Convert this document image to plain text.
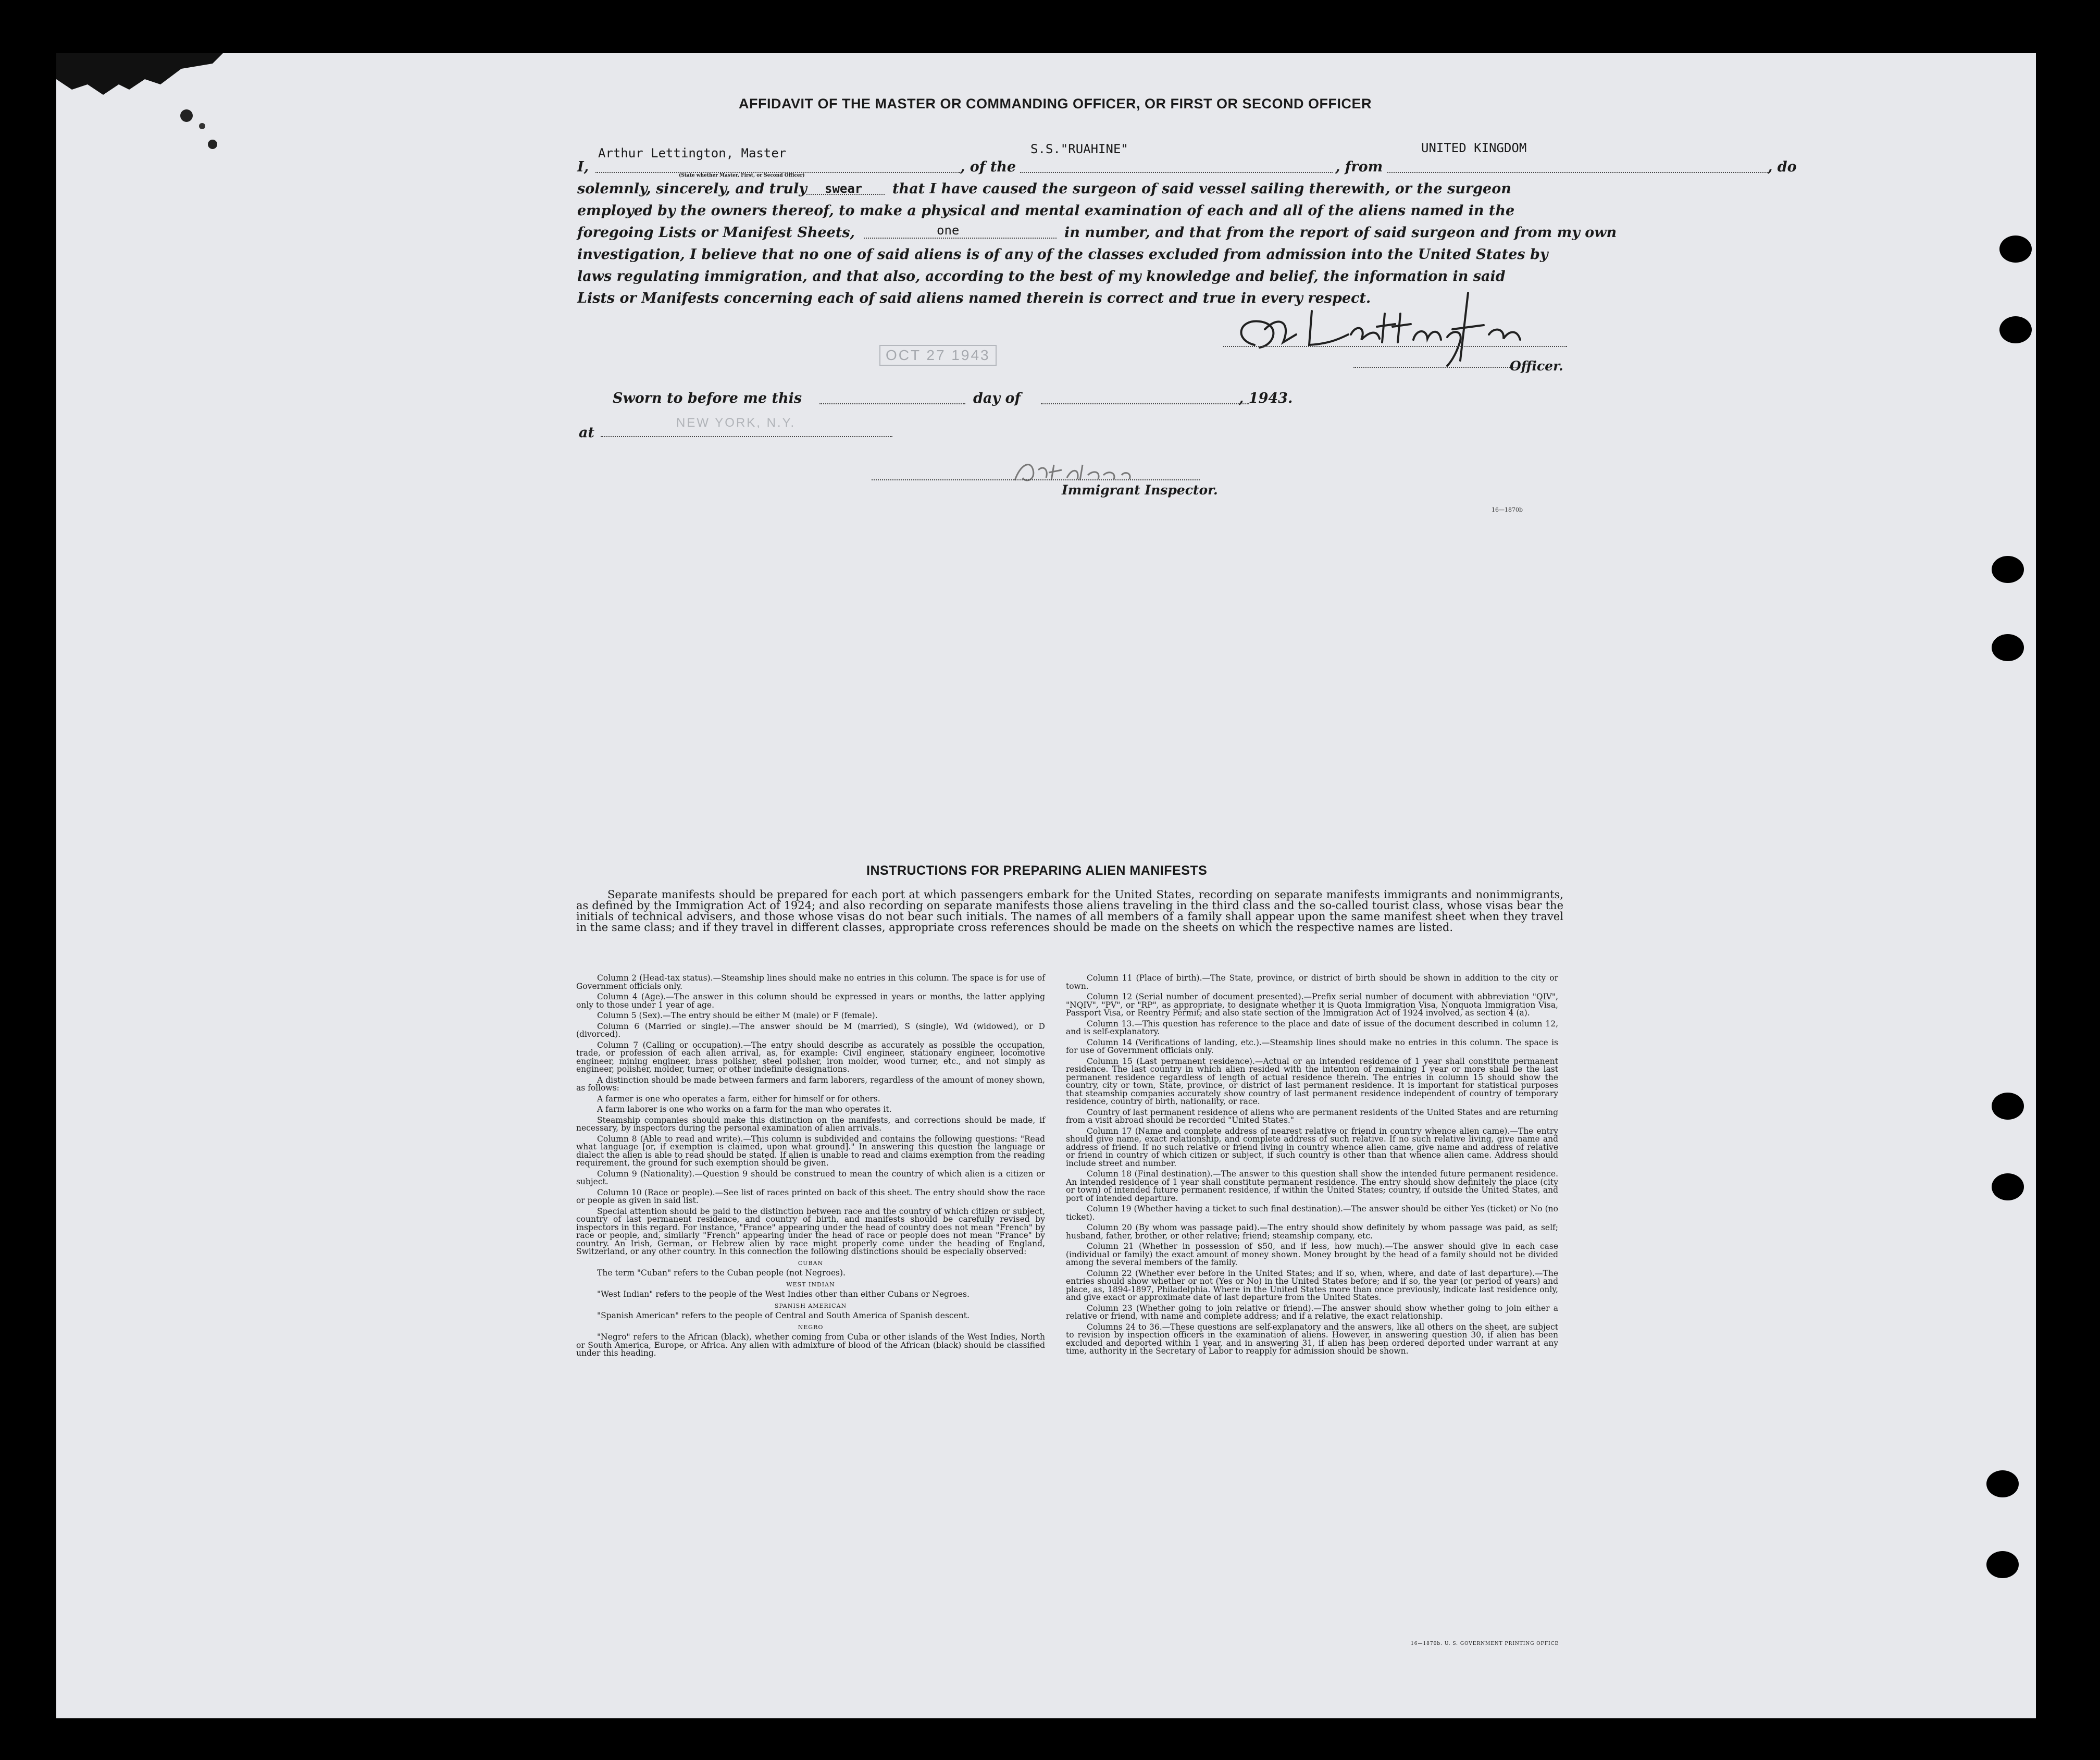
AFFIDAVIT OF THE MASTER OR COMMANDING OFFICER, OR FIRST OR SECOND OFFICER
I,
Arthur Lettington, Master
, of the
S.S."RUAHINE"
, from
UNITED KINGDOM
, do
(State whether Master, First, or Second Officer)
solemnly, sincerely, and truly swear that I have caused the surgeon of said vessel sailing therewith, or the surgeon
employed by the owners thereof, to make a physical and mental examination of each and all of the aliens named in the
foregoing Lists or Manifest Sheets,	one	in number, and that from the report of said surgeon and from my own
investigation, I believe that no one of said aliens is of any of the classes excluded from admission into the United States by
laws regulating immigration, and that also, according to the best of my knowledge and belief, the information in said
Lists or Manifests concerning each of said aliens named therein is correct and true in every respect.
Officer.
OCT 27 1943
Sworn to before me this	day of	, 1943.
at
NEW YORK, N.Y.
Immigrant Inspector.
16—1870b
INSTRUCTIONS FOR PREPARING ALIEN MANIFESTS
Separate manifests should be prepared for each port at which passengers embark for the United States, recording on separate manifests immigrants and nonimmigrants, as defined by the Immigration Act of 1924; and also recording on separate manifests those aliens traveling in the third class and the so-called tourist class, whose visas bear the initials of technical advisers, and those whose visas do not bear such initials. The names of all members of a family shall appear upon the same manifest sheet when they travel in the same class; and if they travel in different classes, appropriate cross references should be made on the sheets on which the respective names are listed.

Column 2 (Head-tax status).—Steamship lines should make no entries in this column. The space is for use of Government officials only.

Column 4 (Age).—The answer in this column should be expressed in years or months, the latter applying only to those under 1 year of age.

Column 5 (Sex).—The entry should be either M (male) or F (female).

Column 6 (Married or single).—The answer should be M (married), S (single), Wd (widowed), or D (divorced).

Column 7 (Calling or occupation).—The entry should describe as accurately as possible the occupation, trade, or profession of each alien arrival, as, for example: Civil engineer, stationary engineer, locomotive engineer, mining engineer, brass polisher, steel polisher, iron molder, wood turner, etc., and not simply as engineer, polisher, molder, turner, or other indefinite designations.

A distinction should be made between farmers and farm laborers, regardless of the amount of money shown, as follows:

A farmer is one who operates a farm, either for himself or for others.

A farm laborer is one who works on a farm for the man who operates it.

Steamship companies should make this distinction on the manifests, and corrections should be made, if necessary, by inspectors during the personal examination of alien arrivals.

Column 8 (Able to read and write).—This column is subdivided and contains the following questions: "Read what language [or, if exemption is claimed, upon what ground]." In answering this question the language or dialect the alien is able to read should be stated. If alien is unable to read and claims exemption from the reading requirement, the ground for such exemption should be given.

Column 9 (Nationality).—Question 9 should be construed to mean the country of which alien is a citizen or subject.

Column 10 (Race or people).—See list of races printed on back of this sheet. The entry should show the race or people as given in said list.

Special attention should be paid to the distinction between race and the country of which citizen or subject, country of last permanent residence, and country of birth, and manifests should be carefully revised by inspectors in this regard. For instance, "France" appearing under the head of country does not mean "French" by race or people, and, similarly "French" appearing under the head of race or people does not mean "France" by country. An Irish, German, or Hebrew alien by race might properly come under the heading of England, Switzerland, or any other country. In this connection the following distinctions should be especially observed:

CUBAN

The term "Cuban" refers to the Cuban people (not Negroes).

WEST INDIAN

"West Indian" refers to the people of the West Indies other than either Cubans or Negroes.

SPANISH AMERICAN

"Spanish American" refers to the people of Central and South America of Spanish descent.

NEGRO

"Negro" refers to the African (black), whether coming from Cuba or other islands of the West Indies, North or South America, Europe, or Africa. Any alien with admixture of blood of the African (black) should be classified under this heading.

Column 11 (Place of birth).—The State, province, or district of birth should be shown in addition to the city or town.

Column 12 (Serial number of document presented).—Prefix serial number of document with abbreviation "QIV", "NQIV", "PV", or "RP", as appropriate, to designate whether it is Quota Immigration Visa, Nonquota Immigration Visa, Passport Visa, or Reentry Permit; and also state section of the Immigration Act of 1924 involved, as section 4 (a).

Column 13.—This question has reference to the place and date of issue of the document described in column 12, and is self-explanatory.

Column 14 (Verifications of landing, etc.).—Steamship lines should make no entries in this column. The space is for use of Government officials only.

Column 15 (Last permanent residence).—Actual or an intended residence of 1 year shall constitute permanent residence. The last country in which alien resided with the intention of remaining 1 year or more shall be the last permanent residence regardless of length of actual residence therein. The entries in column 15 should show the country, city or town, State, province, or district of last permanent residence. It is important for statistical purposes that steamship companies accurately show country of last permanent residence independent of country of temporary residence, country of birth, nationality, or race.

Country of last permanent residence of aliens who are permanent residents of the United States and are returning from a visit abroad should be recorded "United States."

Column 17 (Name and complete address of nearest relative or friend in country whence alien came).—The entry should give name, exact relationship, and complete address of such relative. If no such relative living, give name and address of friend. If no such relative or friend living in country whence alien came, give name and address of relative or friend in country of which citizen or subject, if such country is other than that whence alien came. Address should include street and number.

Column 18 (Final destination).—The answer to this question shall show the intended future permanent residence. An intended residence of 1 year shall constitute permanent residence. The entry should show definitely the place (city or town) of intended future permanent residence, if within the United States; country, if outside the United States, and port of intended departure.

Column 19 (Whether having a ticket to such final destination).—The answer should be either Yes (ticket) or No (no ticket).

Column 20 (By whom was passage paid).—The entry should show definitely by whom passage was paid, as self; husband, father, brother, or other relative; friend; steamship company, etc.

Column 21 (Whether in possession of $50, and if less, how much).—The answer should give in each case (individual or family) the exact amount of money shown. Money brought by the head of a family should not be divided among the several members of the family.

Column 22 (Whether ever before in the United States; and if so, when, where, and date of last departure).—The entries should show whether or not (Yes or No) in the United States before; and if so, the year (or period of years) and place, as, 1894-1897, Philadelphia. Where in the United States more than once previously, indicate last residence only, and give exact or approximate date of last departure from the United States.

Column 23 (Whether going to join relative or friend).—The answer should show whether going to join either a relative or friend, with name and complete address; and if a relative, the exact relationship.

Columns 24 to 36.—These questions are self-explanatory and the answers, like all others on the sheet, are subject to revision by inspection officers in the examination of aliens. However, in answering question 30, if alien has been excluded and deported within 1 year, and in answering 31, if alien has been ordered deported under warrant at any time, authority in the Secretary of Labor to reapply for admission should be shown.

16—1870b. U. S. GOVERNMENT PRINTING OFFICE
